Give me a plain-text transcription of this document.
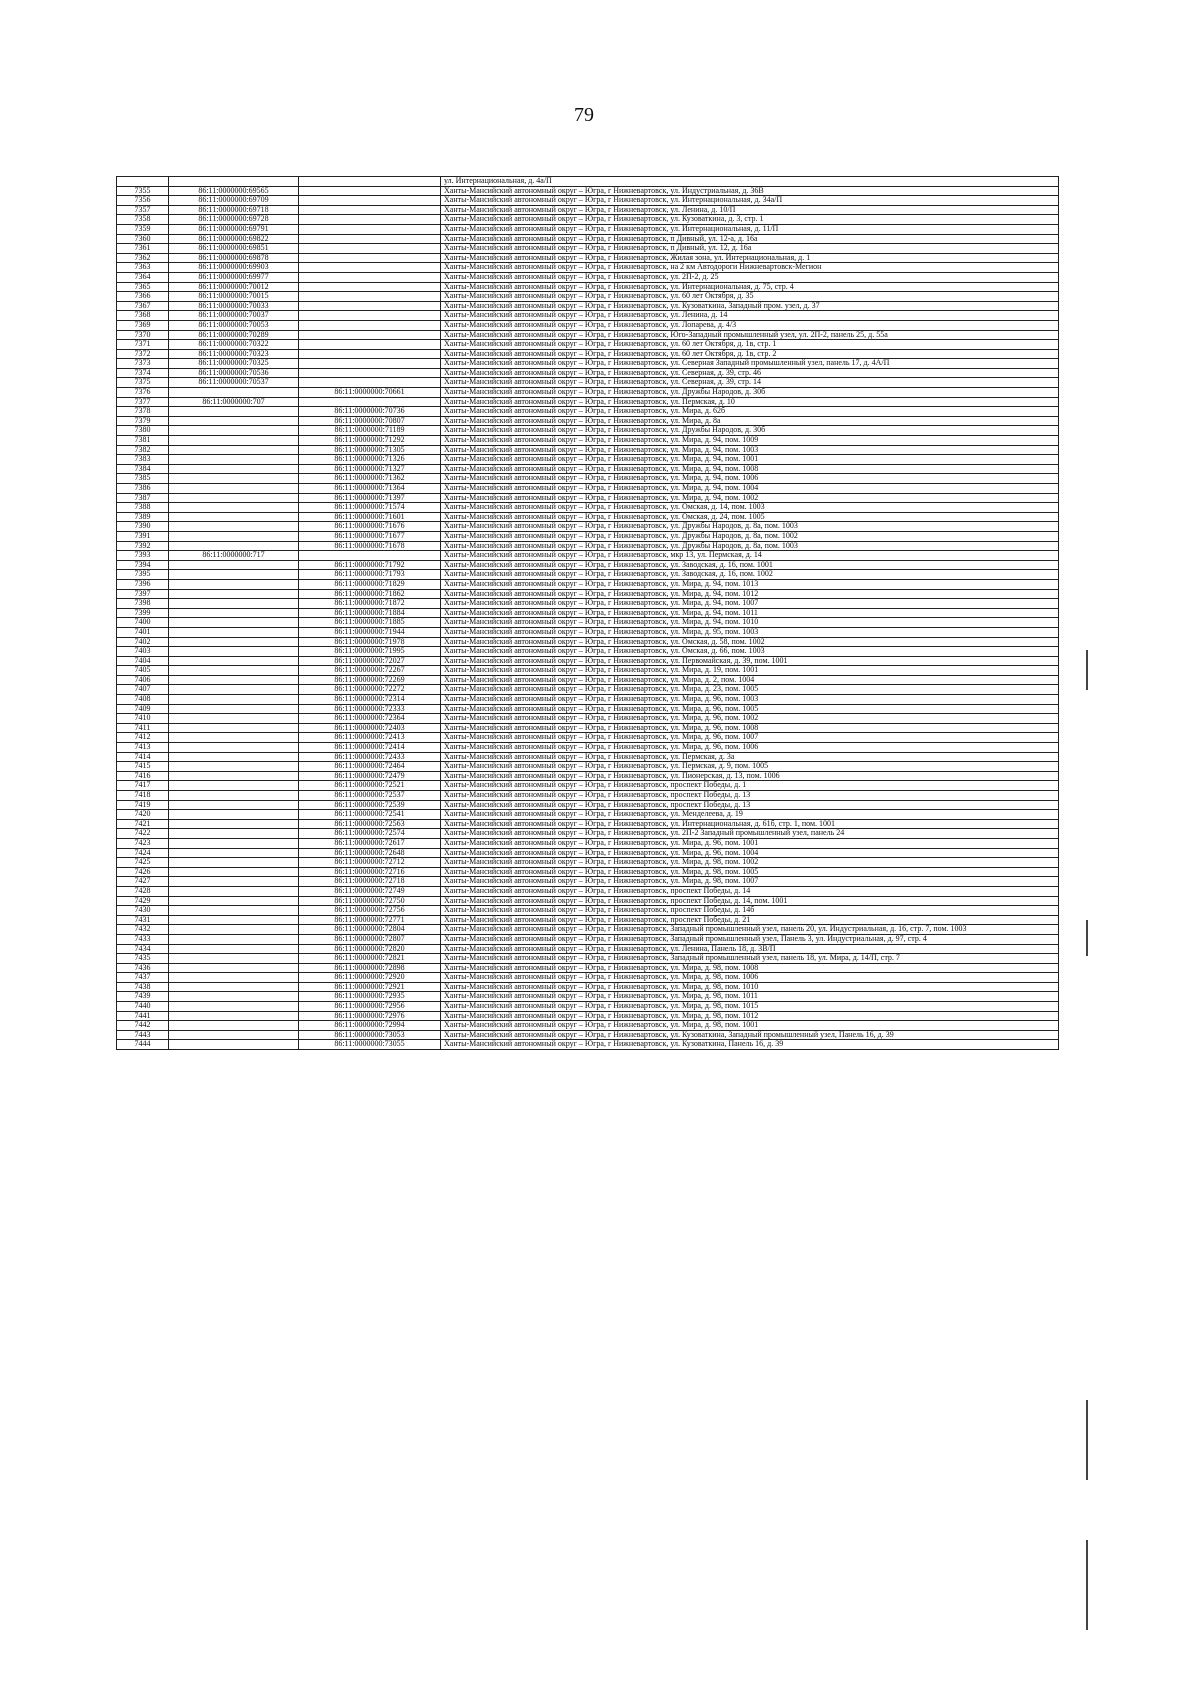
79
			ул. Интернациональная, д. 4а/П
7355	86:11:0000000:69565		Ханты-Мансийский автономный округ – Югра, г Нижневартовск, ул. Индустриальная, д. 36В
7356	86:11:0000000:69709		Ханты-Мансийский автономный округ – Югра, г Нижневартовск, ул. Интернациональная, д. 34а/П
7357	86:11:0000000:69718		Ханты-Мансийский автономный округ – Югра, г Нижневартовск, ул. Ленина, д. 10/П
7358	86:11:0000000:69728		Ханты-Мансийский автономный округ – Югра, г Нижневартовск, ул. Кузоваткина, д. 3, стр. 1
7359	86:11:0000000:69791		Ханты-Мансийский автономный округ – Югра, г Нижневартовск, ул. Интернациональная, д. 11/П
7360	86:11:0000000:69822		Ханты-Мансийский автономный округ – Югра, г Нижневартовск, п Дивный, ул. 12-а, д. 16а
7361	86:11:0000000:69851		Ханты-Мансийский автономный округ – Югра, г Нижневартовск, п Дивный, ул. 12, д. 16а
7362	86:11:0000000:69878		Ханты-Мансийский автономный округ – Югра, г Нижневартовск, Жилая зона, ул. Интернациональная, д. 1
7363	86:11:0000000:69903		Ханты-Мансийский автономный округ – Югра, г Нижневартовск, на 2 км Автодороги Нижневартовск-Мегион
7364	86:11:0000000:69977		Ханты-Мансийский автономный округ – Югра, г Нижневартовск, ул. 2П-2, д. 25
7365	86:11:0000000:70012		Ханты-Мансийский автономный округ – Югра, г Нижневартовск, ул. Интернациональная, д. 75, стр. 4
7366	86:11:0000000:70015		Ханты-Мансийский автономный округ – Югра, г Нижневартовск, ул. 60 лет Октября, д. 35
7367	86:11:0000000:70033		Ханты-Мансийский автономный округ – Югра, г Нижневартовск, ул. Кузоваткина, Западный пром. узел, д. 37
7368	86:11:0000000:70037		Ханты-Мансийский автономный округ – Югра, г Нижневартовск, ул. Ленина, д. 14
7369	86:11:0000000:70053		Ханты-Мансийский автономный округ – Югра, г Нижневартовск, ул. Лопарева, д. 4/3
7370	86:11:0000000:70289		Ханты-Мансийский автономный округ – Югра, г Нижневартовск, Юго-Западный промышленный узел, ул. 2П-2, панель 25, д. 55а
7371	86:11:0000000:70322		Ханты-Мансийский автономный округ – Югра, г Нижневартовск, ул. 60 лет Октября, д. 1в, стр. 1
7372	86:11:0000000:70323		Ханты-Мансийский автономный округ – Югра, г Нижневартовск, ул. 60 лет Октября, д. 1в, стр. 2
7373	86:11:0000000:70325		Ханты-Мансийский автономный округ – Югра, г Нижневартовск, ул. Северная Западный промышленный узел, панель 17, д. 4А/П
7374	86:11:0000000:70536		Ханты-Мансийский автономный округ – Югра, г Нижневартовск, ул. Северная, д. 39, стр. 46
7375	86:11:0000000:70537		Ханты-Мансийский автономный округ – Югра, г Нижневартовск, ул. Северная, д. 39, стр. 14
7376		86:11:0000000:70661	Ханты-Мансийский автономный округ – Югра, г Нижневартовск, ул. Дружбы Народов, д. 30б
7377	86:11:0000000:707		Ханты-Мансийский автономный округ – Югра, г Нижневартовск, ул. Пермская, д. 10
7378		86:11:0000000:70736	Ханты-Мансийский автономный округ – Югра, г Нижневартовск, ул. Мира, д. 62б
7379		86:11:0000000:70807	Ханты-Мансийский автономный округ – Югра, г Нижневартовск, ул. Мира, д. 8а
7380		86:11:0000000:71189	Ханты-Мансийский автономный округ – Югра, г Нижневартовск, ул. Дружбы Народов, д. 30б
7381		86:11:0000000:71292	Ханты-Мансийский автономный округ – Югра, г Нижневартовск, ул. Мира, д. 94, пом. 1009
7382		86:11:0000000:71305	Ханты-Мансийский автономный округ – Югра, г Нижневартовск, ул. Мира, д. 94, пом. 1003
7383		86:11:0000000:71326	Ханты-Мансийский автономный округ – Югра, г Нижневартовск, ул. Мира, д. 94, пом. 1001
7384		86:11:0000000:71327	Ханты-Мансийский автономный округ – Югра, г Нижневартовск, ул. Мира, д. 94, пом. 1008
7385		86:11:0000000:71362	Ханты-Мансийский автономный округ – Югра, г Нижневартовск, ул. Мира, д. 94, пом. 1006
7386		86:11:0000000:71364	Ханты-Мансийский автономный округ – Югра, г Нижневартовск, ул. Мира, д. 94, пом. 1004
7387		86:11:0000000:71397	Ханты-Мансийский автономный округ – Югра, г Нижневартовск, ул. Мира, д. 94, пом. 1002
7388		86:11:0000000:71574	Ханты-Мансийский автономный округ – Югра, г Нижневартовск, ул. Омская, д. 14, пом. 1003
7389		86:11:0000000:71601	Ханты-Мансийский автономный округ – Югра, г Нижневартовск, ул. Омская, д. 24, пом. 1005
7390		86:11:0000000:71676	Ханты-Мансийский автономный округ – Югра, г Нижневартовск, ул. Дружбы Народов, д. 8а, пом. 1003
7391		86:11:0000000:71677	Ханты-Мансийский автономный округ – Югра, г Нижневартовск, ул. Дружбы Народов, д. 8а, пом. 1002
7392		86:11:0000000:71678	Ханты-Мансийский автономный округ – Югра, г Нижневартовск, ул. Дружбы Народов, д. 8а, пом. 1003
7393	86:11:0000000:717		Ханты-Мансийский автономный округ – Югра, г Нижневартовск, мкр 13, ул. Пермская, д. 14
7394		86:11:0000000:71792	Ханты-Мансийский автономный округ – Югра, г Нижневартовск, ул. Заводская, д. 16, пом. 1001
7395		86:11:0000000:71793	Ханты-Мансийский автономный округ – Югра, г Нижневартовск, ул. Заводская, д. 16, пом. 1002
7396		86:11:0000000:71829	Ханты-Мансийский автономный округ – Югра, г Нижневартовск, ул. Мира, д. 94, пом. 1013
7397		86:11:0000000:71862	Ханты-Мансийский автономный округ – Югра, г Нижневартовск, ул. Мира, д. 94, пом. 1012
7398		86:11:0000000:71872	Ханты-Мансийский автономный округ – Югра, г Нижневартовск, ул. Мира, д. 94, пом. 1007
7399		86:11:0000000:71884	Ханты-Мансийский автономный округ – Югра, г Нижневартовск, ул. Мира, д. 94, пом. 1011
7400		86:11:0000000:71885	Ханты-Мансийский автономный округ – Югра, г Нижневартовск, ул. Мира, д. 94, пом. 1010
7401		86:11:0000000:71944	Ханты-Мансийский автономный округ – Югра, г Нижневартовск, ул. Мира, д. 95, пом. 1003
7402		86:11:0000000:71978	Ханты-Мансийский автономный округ – Югра, г Нижневартовск, ул. Омская, д. 58, пом. 1002
7403		86:11:0000000:71995	Ханты-Мансийский автономный округ – Югра, г Нижневартовск, ул. Омская, д. 66, пом. 1003
7404		86:11:0000000:72027	Ханты-Мансийский автономный округ – Югра, г Нижневартовск, ул. Первомайская, д. 39, пом. 1001
7405		86:11:0000000:72267	Ханты-Мансийский автономный округ – Югра, г Нижневартовск, ул. Мира, д. 19, пом. 1001
7406		86:11:0000000:72269	Ханты-Мансийский автономный округ – Югра, г Нижневартовск, ул. Мира, д. 2, пом. 1004
7407		86:11:0000000:72272	Ханты-Мансийский автономный округ – Югра, г Нижневартовск, ул. Мира, д. 23, пом. 1005
7408		86:11:0000000:72314	Ханты-Мансийский автономный округ – Югра, г Нижневартовск, ул. Мира, д. 96, пом. 1003
7409		86:11:0000000:72333	Ханты-Мансийский автономный округ – Югра, г Нижневартовск, ул. Мира, д. 96, пом. 1005
7410		86:11:0000000:72364	Ханты-Мансийский автономный округ – Югра, г Нижневартовск, ул. Мира, д. 96, пом. 1002
7411		86:11:0000000:72403	Ханты-Мансийский автономный округ – Югра, г Нижневартовск, ул. Мира, д. 96, пом. 1008
7412		86:11:0000000:72413	Ханты-Мансийский автономный округ – Югра, г Нижневартовск, ул. Мира, д. 96, пом. 1007
7413		86:11:0000000:72414	Ханты-Мансийский автономный округ – Югра, г Нижневартовск, ул. Мира, д. 96, пом. 1006
7414		86:11:0000000:72433	Ханты-Мансийский автономный округ – Югра, г Нижневартовск, ул. Пермская, д. 3а
7415		86:11:0000000:72464	Ханты-Мансийский автономный округ – Югра, г Нижневартовск, ул. Пермская, д. 9, пом. 1005
7416		86:11:0000000:72479	Ханты-Мансийский автономный округ – Югра, г Нижневартовск, ул. Пионерская, д. 13, пом. 1006
7417		86:11:0000000:72521	Ханты-Мансийский автономный округ – Югра, г Нижневартовск, проспект Победы, д. 1
7418		86:11:0000000:72537	Ханты-Мансийский автономный округ – Югра, г Нижневартовск, проспект Победы, д. 13
7419		86:11:0000000:72539	Ханты-Мансийский автономный округ – Югра, г Нижневартовск, проспект Победы, д. 13
7420		86:11:0000000:72541	Ханты-Мансийский автономный округ – Югра, г Нижневартовск, ул. Менделеева, д. 19
7421		86:11:0000000:72563	Ханты-Мансийский автономный округ – Югра, г Нижневартовск, ул. Интернациональная, д. 61б, стр. 1, пом. 1001
7422		86:11:0000000:72574	Ханты-Мансийский автономный округ – Югра, г Нижневартовск, ул. 2П-2 Западный промышленный узел, панель 24
7423		86:11:0000000:72617	Ханты-Мансийский автономный округ – Югра, г Нижневартовск, ул. Мира, д. 96, пом. 1001
7424		86:11:0000000:72648	Ханты-Мансийский автономный округ – Югра, г Нижневартовск, ул. Мира, д. 96, пом. 1004
7425		86:11:0000000:72712	Ханты-Мансийский автономный округ – Югра, г Нижневартовск, ул. Мира, д. 98, пом. 1002
7426		86:11:0000000:72716	Ханты-Мансийский автономный округ – Югра, г Нижневартовск, ул. Мира, д. 98, пом. 1005
7427		86:11:0000000:72718	Ханты-Мансийский автономный округ – Югра, г Нижневартовск, ул. Мира, д. 98, пом. 1007
7428		86:11:0000000:72749	Ханты-Мансийский автономный округ – Югра, г Нижневартовск, проспект Победы, д. 14
7429		86:11:0000000:72750	Ханты-Мансийский автономный округ – Югра, г Нижневартовск, проспект Победы, д. 14, пом. 1001
7430		86:11:0000000:72756	Ханты-Мансийский автономный округ – Югра, г Нижневартовск, проспект Победы, д. 14б
7431		86:11:0000000:72771	Ханты-Мансийский автономный округ – Югра, г Нижневартовск, проспект Победы, д. 21
7432		86:11:0000000:72804	Ханты-Мансийский автономный округ – Югра, г Нижневартовск, Западный промышленный узел, панель 20, ул. Индустриальная, д. 16, стр. 7, пом. 1003
7433		86:11:0000000:72807	Ханты-Мансийский автономный округ – Югра, г Нижневартовск, Западный промышленный узел, Панель 3, ул. Индустриальная, д. 97, стр. 4
7434		86:11:0000000:72820	Ханты-Мансийский автономный округ – Югра, г Нижневартовск, ул. Ленина, Панель 18, д. 3В/П
7435		86:11:0000000:72821	Ханты-Мансийский автономный округ – Югра, г Нижневартовск, Западный промышленный узел, панель 18, ул. Мира, д. 14/П, стр. 7
7436		86:11:0000000:72898	Ханты-Мансийский автономный округ – Югра, г Нижневартовск, ул. Мира, д. 98, пом. 1008
7437		86:11:0000000:72920	Ханты-Мансийский автономный округ – Югра, г Нижневартовск, ул. Мира, д. 98, пом. 1006
7438		86:11:0000000:72921	Ханты-Мансийский автономный округ – Югра, г Нижневартовск, ул. Мира, д. 98, пом. 1010
7439		86:11:0000000:72935	Ханты-Мансийский автономный округ – Югра, г Нижневартовск, ул. Мира, д. 98, пом. 1011
7440		86:11:0000000:72956	Ханты-Мансийский автономный округ – Югра, г Нижневартовск, ул. Мира, д. 98, пом. 1015
7441		86:11:0000000:72976	Ханты-Мансийский автономный округ – Югра, г Нижневартовск, ул. Мира, д. 98, пом. 1012
7442		86:11:0000000:72994	Ханты-Мансийский автономный округ – Югра, г Нижневартовск, ул. Мира, д. 98, пом. 1001
7443		86:11:0000000:73053	Ханты-Мансийский автономный округ – Югра, г Нижневартовск, ул. Кузоваткина, Западный промышленный узел, Панель 16, д. 39
7444		86:11:0000000:73055	Ханты-Мансийский автономный округ – Югра, г Нижневартовск, ул. Кузоваткина, Панель 16, д. 39
